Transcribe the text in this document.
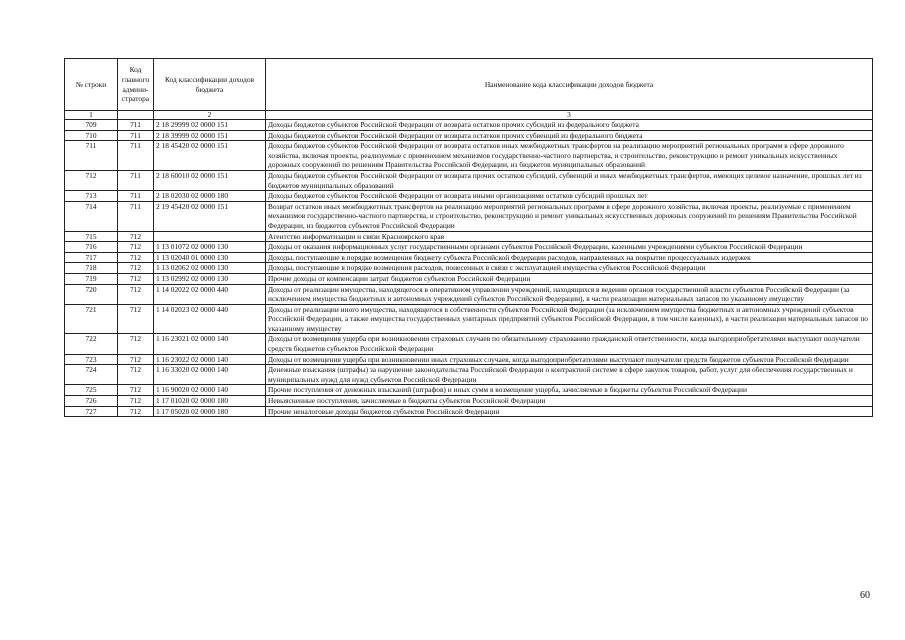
№ строки	Код главного админи-стратора	Код классификации доходов бюджета	Наименование кода классификации доходов бюджета
1		2	3
709	711	2 18 29999 02 0000 151	Доходы бюджетов субъектов Российской Федерации от возврата остатков прочих субсидий из федерального бюджета
710	711	2 18 39999 02 0000 151	Доходы бюджетов субъектов Российской Федерации от возврата остатков прочих субвенций из федерального бюджета
711	711	2 18 45420 02 0000 151	Доходы бюджетов субъектов Российской Федерации от возврата остатков иных межбюджетных трансфертов на реализацию мероприятий региональных программ в сфере дорожного хозяйства, включая проекты, реализуемые с применением механизмов государственно-частного партнерства, и строительство, реконструкцию и ремонт уникальных искусственных дорожных сооружений по решениям Правительства Российской Федерации, из бюджетов муниципальных образований
712	711	2 18 60010 02 0000 151	Доходы бюджетов субъектов Российской Федерации от возврата прочих остатков субсидий, субвенций и иных межбюджетных трансфертов, имеющих целевое назначение, прошлых лет из бюджетов муниципальных образований
713	711	2 18 02030 02 0000 180	Доходы бюджетов субъектов Российской Федерации от возврата иными организациями остатков субсидий прошлых лет
714	711	2 19 45420 02 0000 151	Возврат остатков иных межбюджетных трансфертов на реализацию мероприятий региональных программ в сфере дорожного хозяйства, включая проекты, реализуемые с применением механизмов государственно-частного партнерства, и строительство, реконструкцию и ремонт уникальных искусственных дорожных сооружений по решениям Правительства Российской Федерации, из бюджетов субъектов Российской Федерации
715	712		Агентство информатизации и связи Красноярского края
716	712	1 13 01072 02 0000 130	Доходы от оказания информационных услуг государственными органами субъектов Российской Федерации, казенными учреждениями субъектов Российской Федерации
717	712	1 13 02040 01 0000 130	Доходы, поступающие в порядке возмещения бюджету субъекта Российской Федерации расходов, направленных на покрытие процессуальных издержек
718	712	1 13 02062 02 0000 130	Доходы, поступающие в порядке возмещения расходов, понесенных в связи с эксплуатацией имущества субъектов Российской Федерации
719	712	1 13 02992 02 0000 130	Прочие доходы от компенсации затрат бюджетов субъектов Российской Федерации
720	712	1 14 02022 02 0000 440	Доходы от реализации имущества, находящегося в оперативном управлении учреждений, находящихся в ведении органов государственной власти субъектов Российской Федерации (за исключением имущества бюджетных и автономных учреждений субъектов Российской Федерации), в части реализации материальных запасов по указанному имуществу
721	712	1 14 02023 02 0000 440	Доходы от реализации иного имущества, находящегося в собственности субъектов Российской Федерации (за исключением имущества бюджетных и автономных учреждений субъектов Российской Федерации, а также имущества государственных унитарных предприятий субъектов Российской Федерации, в том числе казенных), в части реализации материальных запасов по указанному имуществу
722	712	1 16 23021 02 0000 140	Доходы от возмещения ущерба при возникновении страховых случаев по обязательному страхованию гражданской ответственности, когда выгодоприобретателями выступают получатели средств бюджетов субъектов Российской Федерации
723	712	1 16 23022 02 0000 140	Доходы от возмещения ущерба при возникновении иных страховых случаев, когда выгодоприобретателями выступают получатели средств бюджетов субъектов Российской Федерации
724	712	1 16 33020 02 0000 140	Денежные взыскания (штрафы) за нарушение законодательства Российской Федерации о контрактной системе в сфере закупок товаров, работ, услуг для обеспечения государственных и муниципальных нужд для нужд субъектов Российской Федерации
725	712	1 16 90020 02 0000 140	Прочие поступления от денежных взысканий (штрафов) и иных сумм в возмещение ущерба, зачисляемые в бюджеты субъектов Российской Федерации
726	712	1 17 01020 02 0000 180	Невыясненные поступления, зачисляемые в бюджеты субъектов Российской Федерации
727	712	1 17 05020 02 0000 180	Прочие неналоговые доходы бюджетов субъектов Российской Федерации
60
